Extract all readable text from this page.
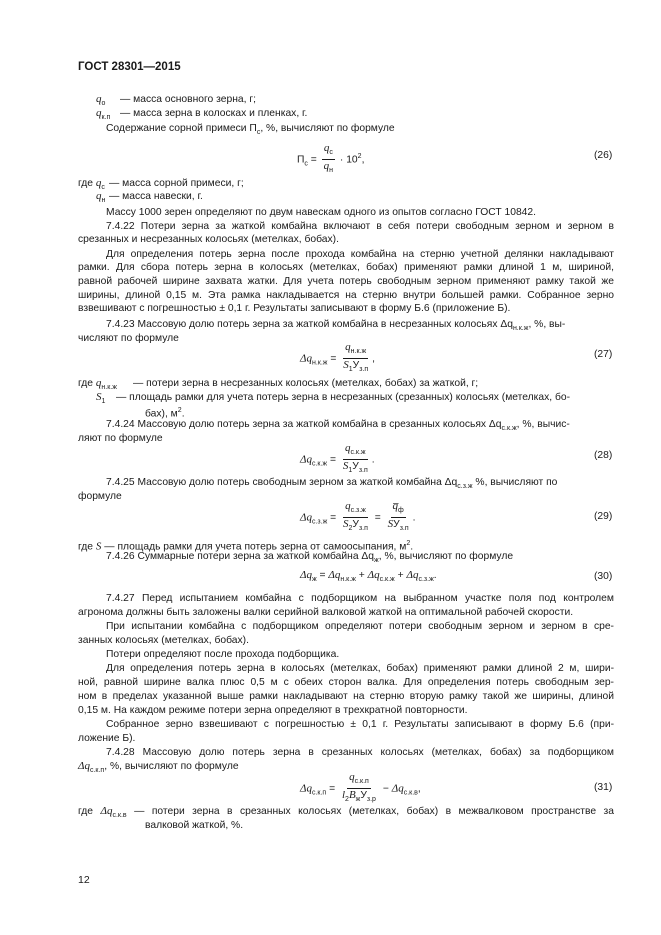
ГОСТ 28301—2015
$q_о$ — масса основного зерна, г;
$q_{к.п}$ — масса зерна в колосках и пленках, г.
Содержание сорной примеси $П_с$, %, вычисляют по формуле
$П_с = \frac{q_с}{q_н} \cdot 10^2$,	(26)
где $q_с$ — масса сорной примеси, г;
$q_н$ — масса навески, г.
Массу 1000 зерен определяют по двум навескам одного из опытов согласно ГОСТ 10842.
7.4.22 Потери зерна за жаткой комбайна включают в себя потери свободным зерном и зерном в
срезанных и несрезанных колосьях (метелках, бобах).
Для определения потерь зерна после прохода комбайна на стерню учетной делянки накладывают
рамки. Для сбора потерь зерна в колосьях (метелках, бобах) применяют рамки длиной 1 м, шириной,
равной рабочей ширине захвата жатки. Для учета потерь свободным зерном применяют рамку такой же
ширины, длиной 0,15 м. Эта рамка накладывается на стерню внутри большей рамки. Собранное зерно
взвешивают с погрешностью ± 0,1 г. Результаты записывают в форму Б.6 (приложение Б).
7.4.23 Массовую долю потерь зерна за жаткой комбайна в несрезанных колосьях $\Delta q_{н.к.ж}$, %, вы-
числяют по формуле
$\Delta q_{н.к.ж} = \frac{q_{н.к.ж}}{S_1У_{з.п}}$ ,	(27)
где $q_{н.к.ж}$ — потери зерна в несрезанных колосьях (метелках, бобах) за жаткой, г;
$S_1$ — площадь рамки для учета потерь зерна в несрезанных (срезанных) колосьях (метелках, бо-
бах), $м^2$.
7.4.24 Массовую долю потерь зерна за жаткой комбайна в срезанных колосьях $\Delta q_{с.к.ж}$, %, вычис-
ляют по формуле
$\Delta q_{с.к.ж} = \frac{q_{с.к.ж}}{S_1У_{з.п}}$ .	(28)
7.4.25 Массовую долю потерь свободным зерном за жаткой комбайна $\Delta q_{с.з.ж}$ %, вычисляют по
формуле
$\Delta q_{с.з.ж} = \frac{q_{с.з.ж}}{S_2У_{з.п}} = \frac{q̅_ф}{SУ_{з.п}}$ .	(29)
где S — площадь рамки для учета потерь зерна от самоосыпания, $м^2$.
7.4.26 Суммарные потери зерна за жаткой комбайна $\Delta q_ж$, %, вычисляют по формуле
$\Delta q_ж = \Delta q_{н.к.ж} + \Delta q_{с.к.ж} + \Delta q_{с.з.ж}$.	(30)
7.4.27 Перед испытанием комбайна с подборщиком на выбранном участке поля под контролем
агронома должны быть заложены валки серийной валковой жаткой на оптимальной рабочей скорости.
При испытании комбайна с подборщиком определяют потери свободным зерном и зерном в сре-
занных колосьях (метелках, бобах).
Потери определяют после прохода подборщика.
Для определения потерь зерна в колосьях (метелках, бобах) применяют рамки длиной 2 м, шири-
ной, равной ширине валка плюс 0,5 м с обеих сторон валка. Для определения потерь свободным зер-
ном в пределах указанной выше рамки накладывают на стерню вторую рамку такой же ширины, длиной
0,15 м. На каждом режиме потери зерна определяют в трехкратной повторности.
Собранное зерно взвешивают с погрешностью ± 0,1 г. Результаты записывают в форму Б.6 (при-
ложение Б).
7.4.28 Массовую долю потерь зерна в срезанных колосьях (метелках, бобах) за подборщиком
$\Delta q_{с.к.п}$, %, вычисляют по формуле
$\Delta q_{с.к.п} = \frac{q_{с.к.п}}{l_2B_жУ_{з.р}} - \Delta q_{с.к.в}$,	(31)
где $\Delta q_{с.к.в}$ — потери зерна в срезанных колосьях (метелках, бобах) в межвалковом пространстве за
валковой жаткой, %.
12
